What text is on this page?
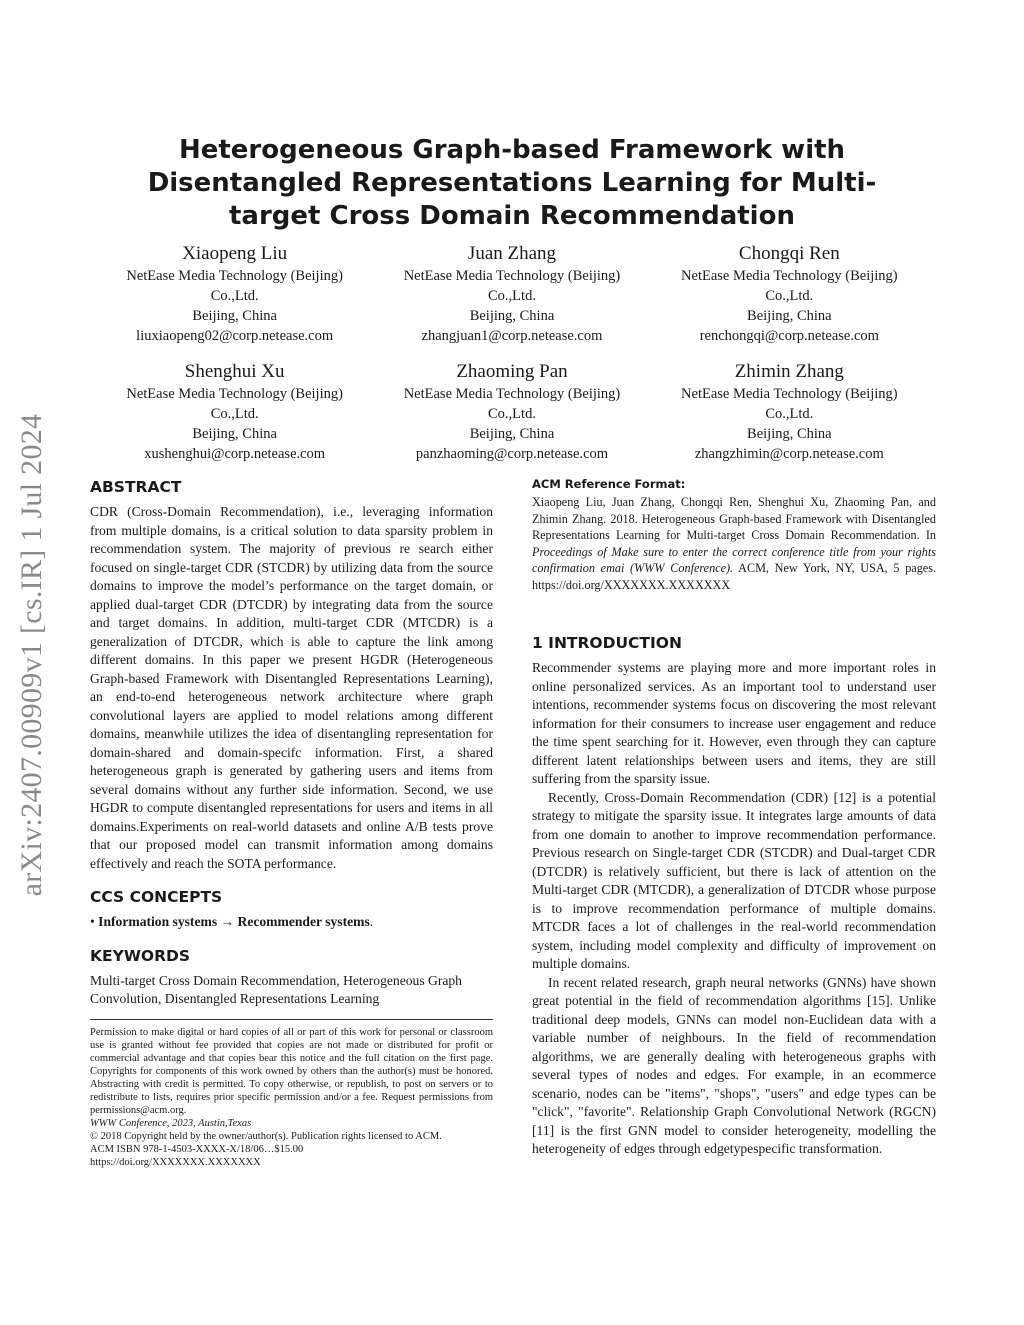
arXiv:2407.00909v1 [cs.IR] 1 Jul 2024
Heterogeneous Graph-based Framework with Disentangled Representations Learning for Multi-target Cross Domain Recommendation
Xiaopeng Liu
NetEase Media Technology (Beijing)
Co.,Ltd.
Beijing, China
liuxiaopeng02@corp.netease.com
Juan Zhang
NetEase Media Technology (Beijing)
Co.,Ltd.
Beijing, China
zhangjuan1@corp.netease.com
Chongqi Ren
NetEase Media Technology (Beijing)
Co.,Ltd.
Beijing, China
renchongqi@corp.netease.com
Shenghui Xu
NetEase Media Technology (Beijing)
Co.,Ltd.
Beijing, China
xushenghui@corp.netease.com
Zhaoming Pan
NetEase Media Technology (Beijing)
Co.,Ltd.
Beijing, China
panzhaoming@corp.netease.com
Zhimin Zhang
NetEase Media Technology (Beijing)
Co.,Ltd.
Beijing, China
zhangzhimin@corp.netease.com
ABSTRACT

CDR (Cross-Domain Recommendation), i.e., leveraging information from multiple domains, is a critical solution to data sparsity problem in recommendation system. The majority of previous re search either focused on single-target CDR (STCDR) by utilizing data from the source domains to improve the model’s performance on the target domain, or applied dual-target CDR (DTCDR) by integrating data from the source and target domains. In addition, multi-target CDR (MTCDR) is a generalization of DTCDR, which is able to capture the link among different domains. In this paper we present HGDR (Heterogeneous Graph-based Framework with Disentangled Representations Learning), an end-to-end heterogeneous network architecture where graph convolutional layers are applied to model relations among different domains, meanwhile utilizes the idea of disentangling representation for domain-shared and domain-specifc information. First, a shared heterogeneous graph is generated by gathering users and items from several domains without any further side information. Second, we use HGDR to compute disentangled representations for users and items in all domains.Experiments on real-world datasets and online A/B tests prove that our proposed model can transmit information among domains effectively and reach the SOTA performance.

CCS CONCEPTS

• Information systems → Recommender systems.

KEYWORDS

Multi-target Cross Domain Recommendation, Heterogeneous Graph Convolution, Disentangled Representations Learning

Permission to make digital or hard copies of all or part of this work for personal or classroom use is granted without fee provided that copies are not made or distributed for profit or commercial advantage and that copies bear this notice and the full citation on the first page. Copyrights for components of this work owned by others than the author(s) must be honored. Abstracting with credit is permitted. To copy otherwise, or republish, to post on servers or to redistribute to lists, requires prior specific permission and/or a fee. Request permissions from permissions@acm.org.

WWW Conference, 2023, Austin,Texas

© 2018 Copyright held by the owner/author(s). Publication rights licensed to ACM.

ACM ISBN 978-1-4503-XXXX-X/18/06…$15.00

https://doi.org/XXXXXXX.XXXXXXX

ACM Reference Format:

Xiaopeng Liu, Juan Zhang, Chongqi Ren, Shenghui Xu, Zhaoming Pan, and Zhimin Zhang. 2018. Heterogeneous Graph-based Framework with Disentangled Representations Learning for Multi-target Cross Domain Recommendation. In Proceedings of Make sure to enter the correct conference title from your rights confirmation emai (WWW Conference). ACM, New York, NY, USA, 5 pages. https://doi.org/XXXXXXX.XXXXXXX

1 INTRODUCTION

Recommender systems are playing more and more important roles in online personalized services. As an important tool to understand user intentions, recommender systems focus on discovering the most relevant information for their consumers to increase user engagement and reduce the time spent searching for it. However, even through they can capture different latent relationships between users and items, they are still suffering from the sparsity issue.

Recently, Cross-Domain Recommendation (CDR) [12] is a potential strategy to mitigate the sparsity issue. It integrates large amounts of data from one domain to another to improve recommendation performance. Previous research on Single-target CDR (STCDR) and Dual-target CDR (DTCDR) is relatively sufficient, but there is lack of attention on the Multi-target CDR (MTCDR), a generalization of DTCDR whose purpose is to improve recommendation performance of multiple domains. MTCDR faces a lot of challenges in the real-world recommendation system, including model complexity and difficulty of improvement on multiple domains.

In recent related research, graph neural networks (GNNs) have shown great potential in the field of recommendation algorithms [15]. Unlike traditional deep models, GNNs can model non-Euclidean data with a variable number of neighbours. In the field of recommendation algorithms, we are generally dealing with heterogeneous graphs with several types of nodes and edges. For example, in an ecommerce scenario, nodes can be "items", "shops", "users" and edge types can be "click", "favorite". Relationship Graph Convolutional Network (RGCN) [11] is the first GNN model to consider heterogeneity, modelling the heterogeneity of edges through edgetypespecific transformation.
